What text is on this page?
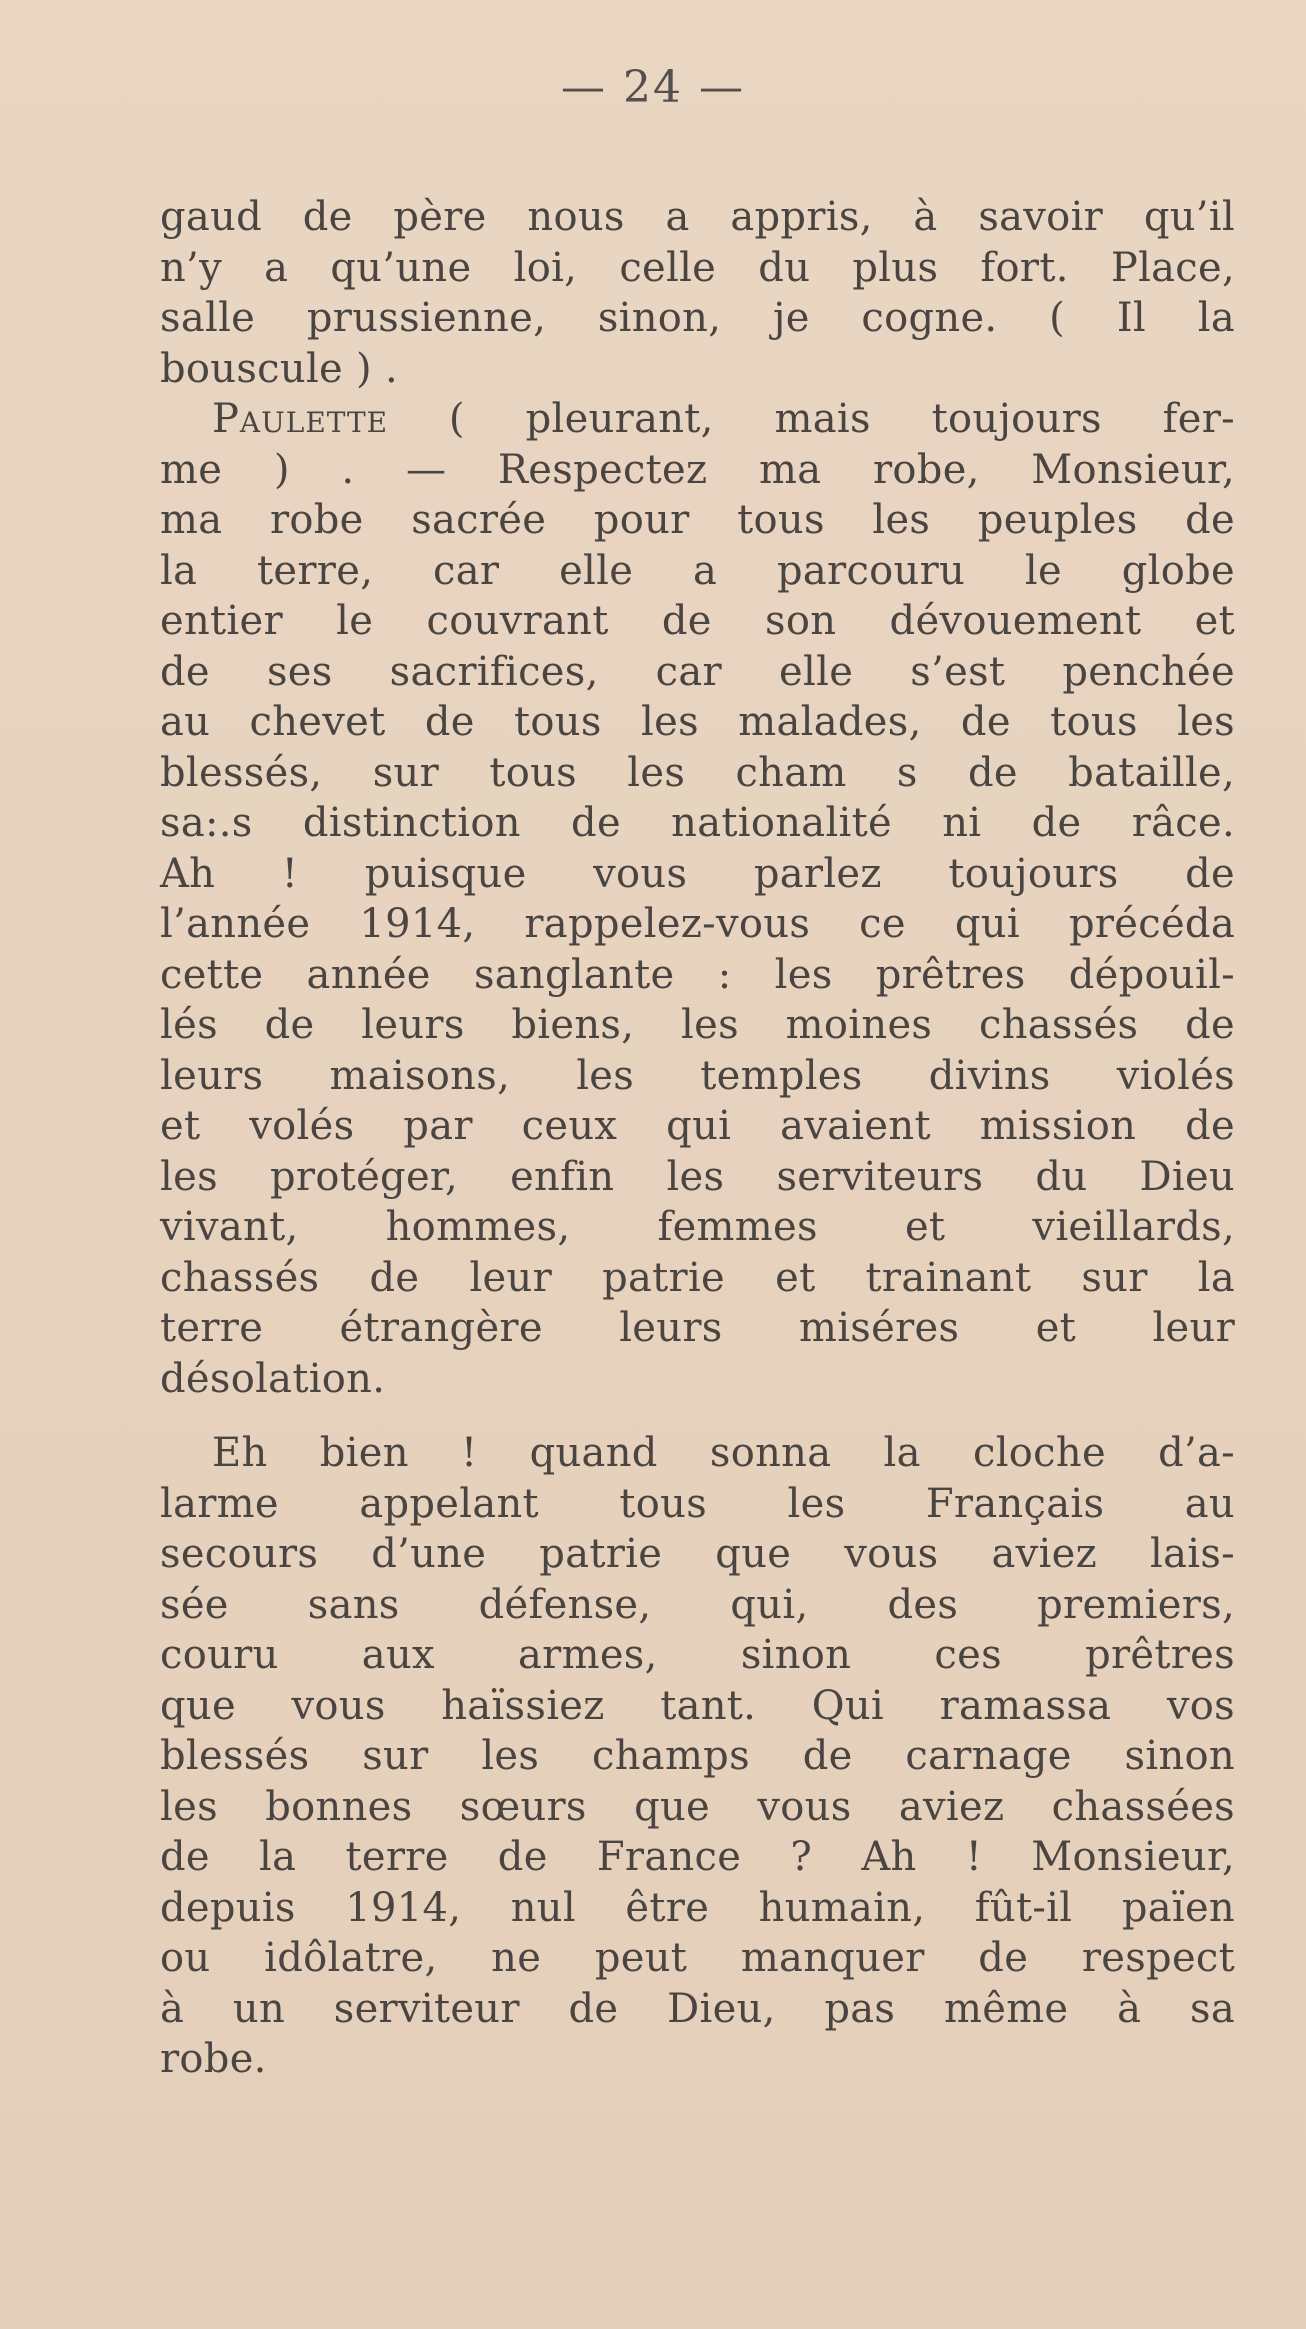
— 24 —
gaud de père nous a appris, à savoir qu’il
n’y a qu’une loi, celle du plus fort. Place,
salle prussienne, sinon, je cogne. ( Il la
bouscule ) .
Paulette ( pleurant, mais toujours fer-
me ) . — Respectez ma robe, Monsieur,
ma robe sacrée pour tous les peuples de
la terre, car elle a parcouru le globe
entier le couvrant de son dévouement et
de ses sacrifices, car elle s’est penchée
au chevet de tous les malades, de tous les
blessés, sur tous les cham s de bataille,
sa:.s distinction de nationalité ni de râce.
Ah ! puisque vous parlez toujours de
l’année 1914, rappelez-vous ce qui précéda
cette année sanglante : les prêtres dépouil-
lés de leurs biens, les moines chassés de
leurs maisons, les temples divins violés
et volés par ceux qui avaient mission de
les protéger, enfin les serviteurs du Dieu
vivant, hommes, femmes et vieillards,
chassés de leur patrie et trainant sur la
terre étrangère leurs miséres et leur
désolation.
Eh bien ! quand sonna la cloche d’a-
larme appelant tous les Français au
secours d’une patrie que vous aviez lais-
sée sans défense, qui, des premiers,
couru aux armes, sinon ces prêtres
que vous haïssiez tant. Qui ramassa vos
blessés sur les champs de carnage sinon
les bonnes sœurs que vous aviez chassées
de la terre de France ? Ah ! Monsieur,
depuis 1914, nul être humain, fût-il païen
ou idôlatre, ne peut manquer de respect
à un serviteur de Dieu, pas même à sa
robe.
